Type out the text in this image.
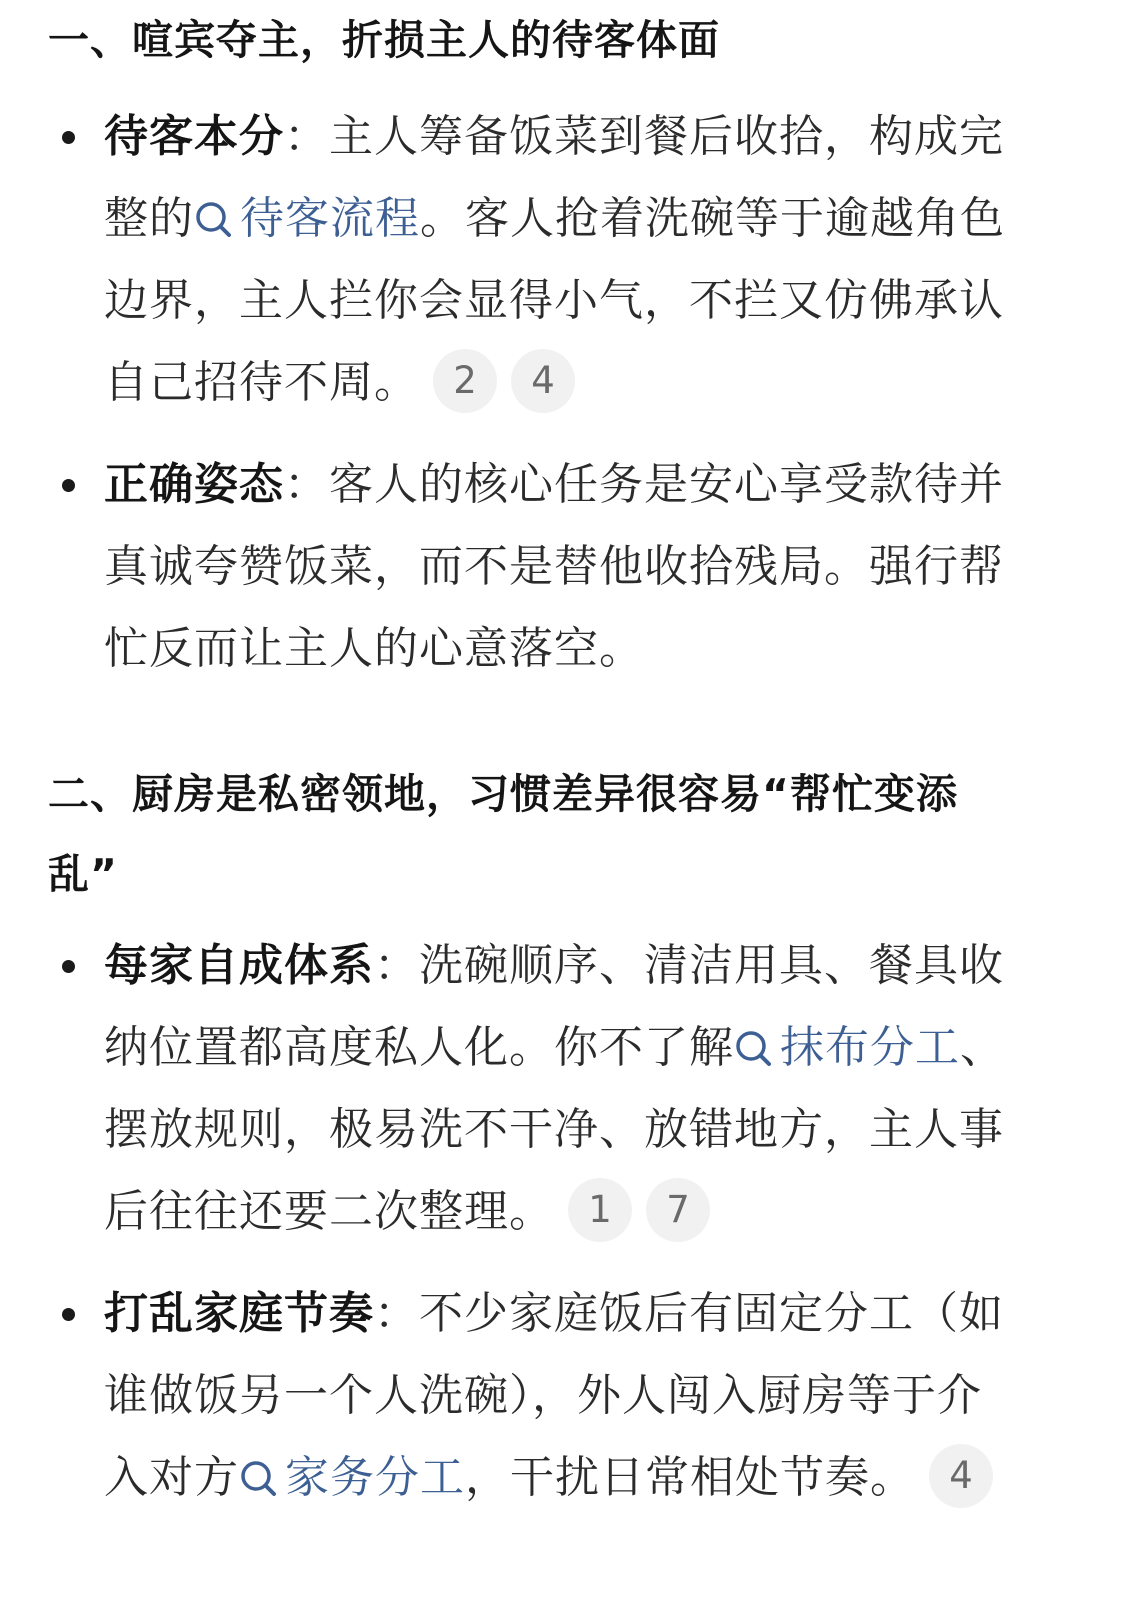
一、喧宾夺主，折损主人的待客体面
待客本分：主人筹备饭菜到餐后收拾，构成完
整的 待客流程。客人抢着洗碗等于逾越角色
边界，主人拦你会显得小气，不拦又仿佛承认
自己招待不周。 2 4
正确姿态：客人的核心任务是安心享受款待并
真诚夸赞饭菜，而不是替他收拾残局。强行帮
忙反而让主人的心意落空。
二、厨房是私密领地，习惯差异很容易“帮忙变添
乱”
每家自成体系：洗碗顺序、清洁用具、餐具收
纳位置都高度私人化。你不了解 抹布分工、
摆放规则，极易洗不干净、放错地方，主人事
后往往还要二次整理。 1 7
打乱家庭节奏：不少家庭饭后有固定分工（如
谁做饭另一个人洗碗），外人闯入厨房等于介
入对方 家务分工，干扰日常相处节奏。 4
